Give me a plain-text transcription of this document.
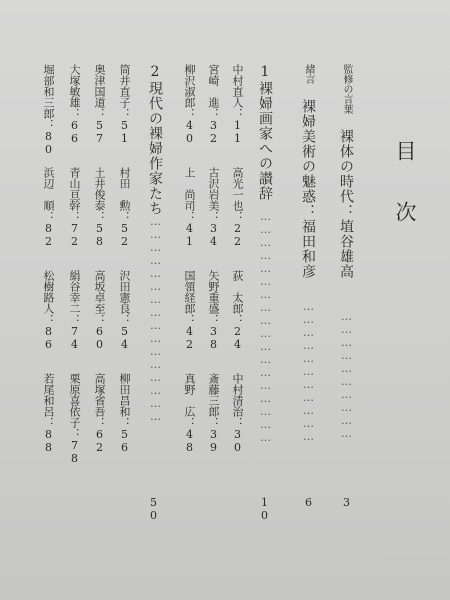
目次
監修の言葉　裸体の時代：埴谷雄高
…………………………
3
緒言　裸婦美術の魅惑：福田和彦
……………………………
6
1裸婦画家への讃辞
………………………………………………
10
中村直人：11　　高光一也：22　　荻　太郎：24　　中村清治：30
宮崎　進：32　　古沢岩美：34　　矢野重盛：38　　斎藤三郎：39
柳沢淑郎：40　　上　尚司：41　　国領経郎：42　　真野　広：48
2現代の裸婦作家たち
…………………………………………
50
筒井直子：51　　村田　勲：52　　沢田憲良：54　　柳田昌和：56
奥津国道：57　　土井俊泰：58　　高坂卓至：60　　高塚省吾：62
大塚敏雄：66　　青山亘幹：72　　絹谷幸二：74　　栗原喜依子：78
堀部和三郎：80　浜辺　順：82　　松樹路人：86　　若尾和呂：88
